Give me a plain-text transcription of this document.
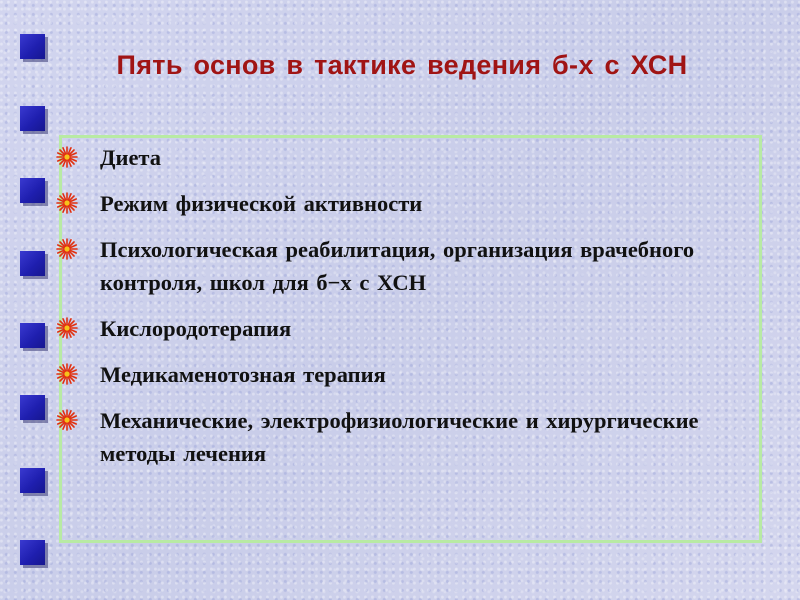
Пять основ в тактике ведения б-х с ХСН
Диета
Режим физической активности
Психологическая реабилитация, организация врачебного контроля, школ для б−х с ХСН
Кислородотерапия
Медикаменотозная терапия
Механические, электрофизиологические и хирургические методы лечения
